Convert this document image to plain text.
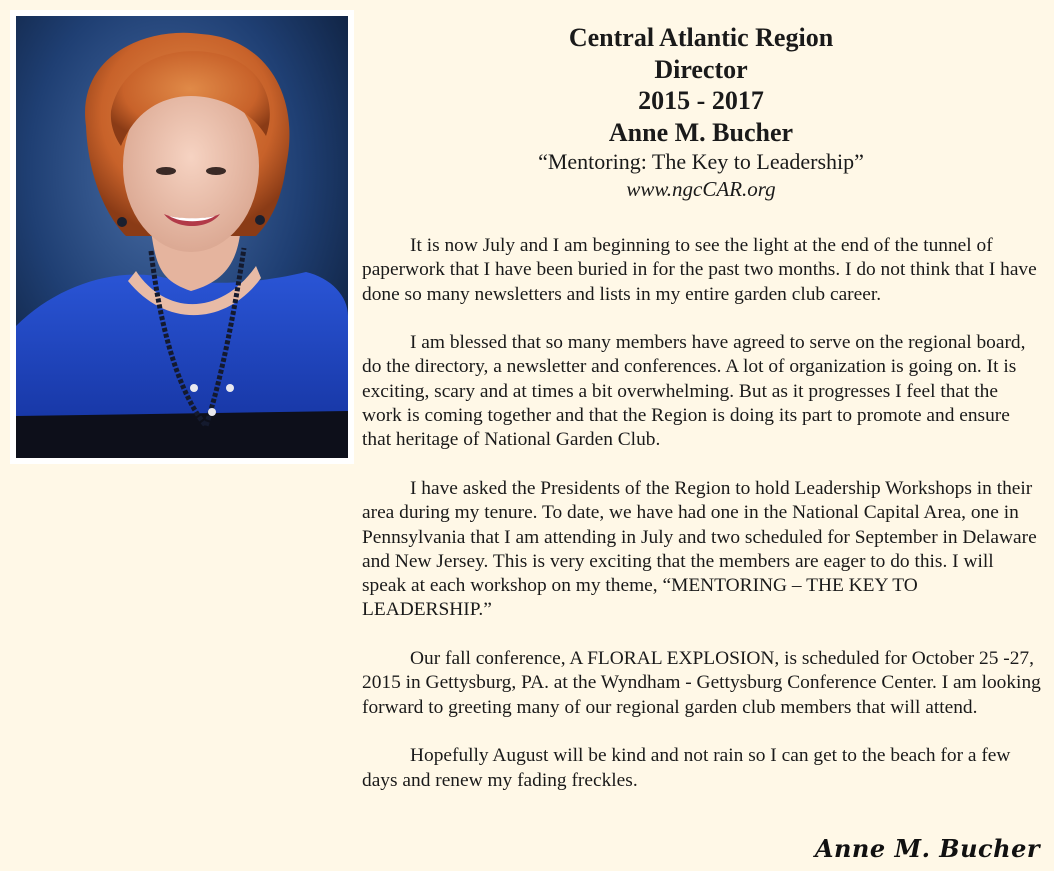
Central Atlantic Region
Director
2015 - 2017
Anne M. Bucher
“Mentoring: The Key to Leadership”
www.ngcCAR.org

It is now July and I am beginning to see the light at the end of the tunnel of paperwork that I have been buried in for the past two months. I do not think that I have done so many newsletters and lists in my entire garden club career.

I am blessed that so many members have agreed to serve on the regional board, do the directory, a newsletter and conferences. A lot of organization is going on. It is exciting, scary and at times a bit overwhelming. But as it progresses I feel that the work is coming together and that the Region is doing its part to promote and ensure that heritage of National Garden Club.

I have asked the Presidents of the Region to hold Leadership Workshops in their area during my tenure. To date, we have had one in the National Capital Area, one in Pennsylvania that I am attending in July and two scheduled for September in Delaware and New Jersey. This is very exciting that the members are eager to do this. I will speak at each workshop on my theme, “MENTORING – THE KEY TO LEADERSHIP.”

Our fall conference, A FLORAL EXPLOSION, is scheduled for October 25 -27, 2015 in Gettysburg, PA. at the Wyndham - Gettysburg Conference Center. I am looking forward to greeting many of our regional garden club members that will attend.

Hopefully August will be kind and not rain so I can get to the beach for a few days and renew my fading freckles.

Anne M. Bucher
